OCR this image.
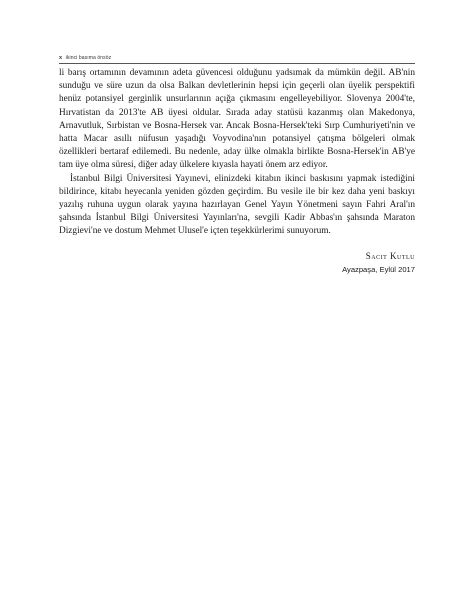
x ikinci basıma önsöz

li barış ortamının devamının adeta güvencesi olduğunu yadsımak da mümkün değil. AB'nin sunduğu ve süre uzun da olsa Balkan devletlerinin hepsi için geçerli olan üyelik perspektifi henüz potansiyel gerginlik unsurlarının açığa çıkmasını engelleyebiliyor. Slovenya 2004'te, Hırvatistan da 2013'te AB üyesi oldular. Sırada aday statüsü kazanmış olan Makedonya, Arnavutluk, Sırbistan ve Bosna-Hersek var. Ancak Bosna-Hersek'teki Sırp Cumhuriyeti'nin ve hatta Macar asıllı nüfusun yaşadığı Voyvodina'nın potansiyel çatışma bölgeleri olmak özellikleri bertaraf edilemedi. Bu nedenle, aday ülke olmakla birlikte Bosna-Hersek'in AB'ye tam üye olma süresi, diğer aday ülkelere kıyasla hayati önem arz ediyor.

İstanbul Bilgi Üniversitesi Yayınevi, elinizdeki kitabın ikinci baskısını yapmak istediğini bildirince, kitabı heyecanla yeniden gözden geçirdim. Bu vesile ile bir kez daha yeni baskıyı yazılış ruhuna uygun olarak yayına hazırlayan Genel Yayın Yönetmeni sayın Fahri Aral'ın şahsında İstanbul Bilgi Üniversitesi Yayınları'na, sevgili Kadir Abbas'ın şahsında Maraton Dizgievi'ne ve dostum Mehmet Ulusel'e içten teşekkürlerimi sunuyorum.

Sacit Kutlu
Ayazpaşa, Eylül 2017
